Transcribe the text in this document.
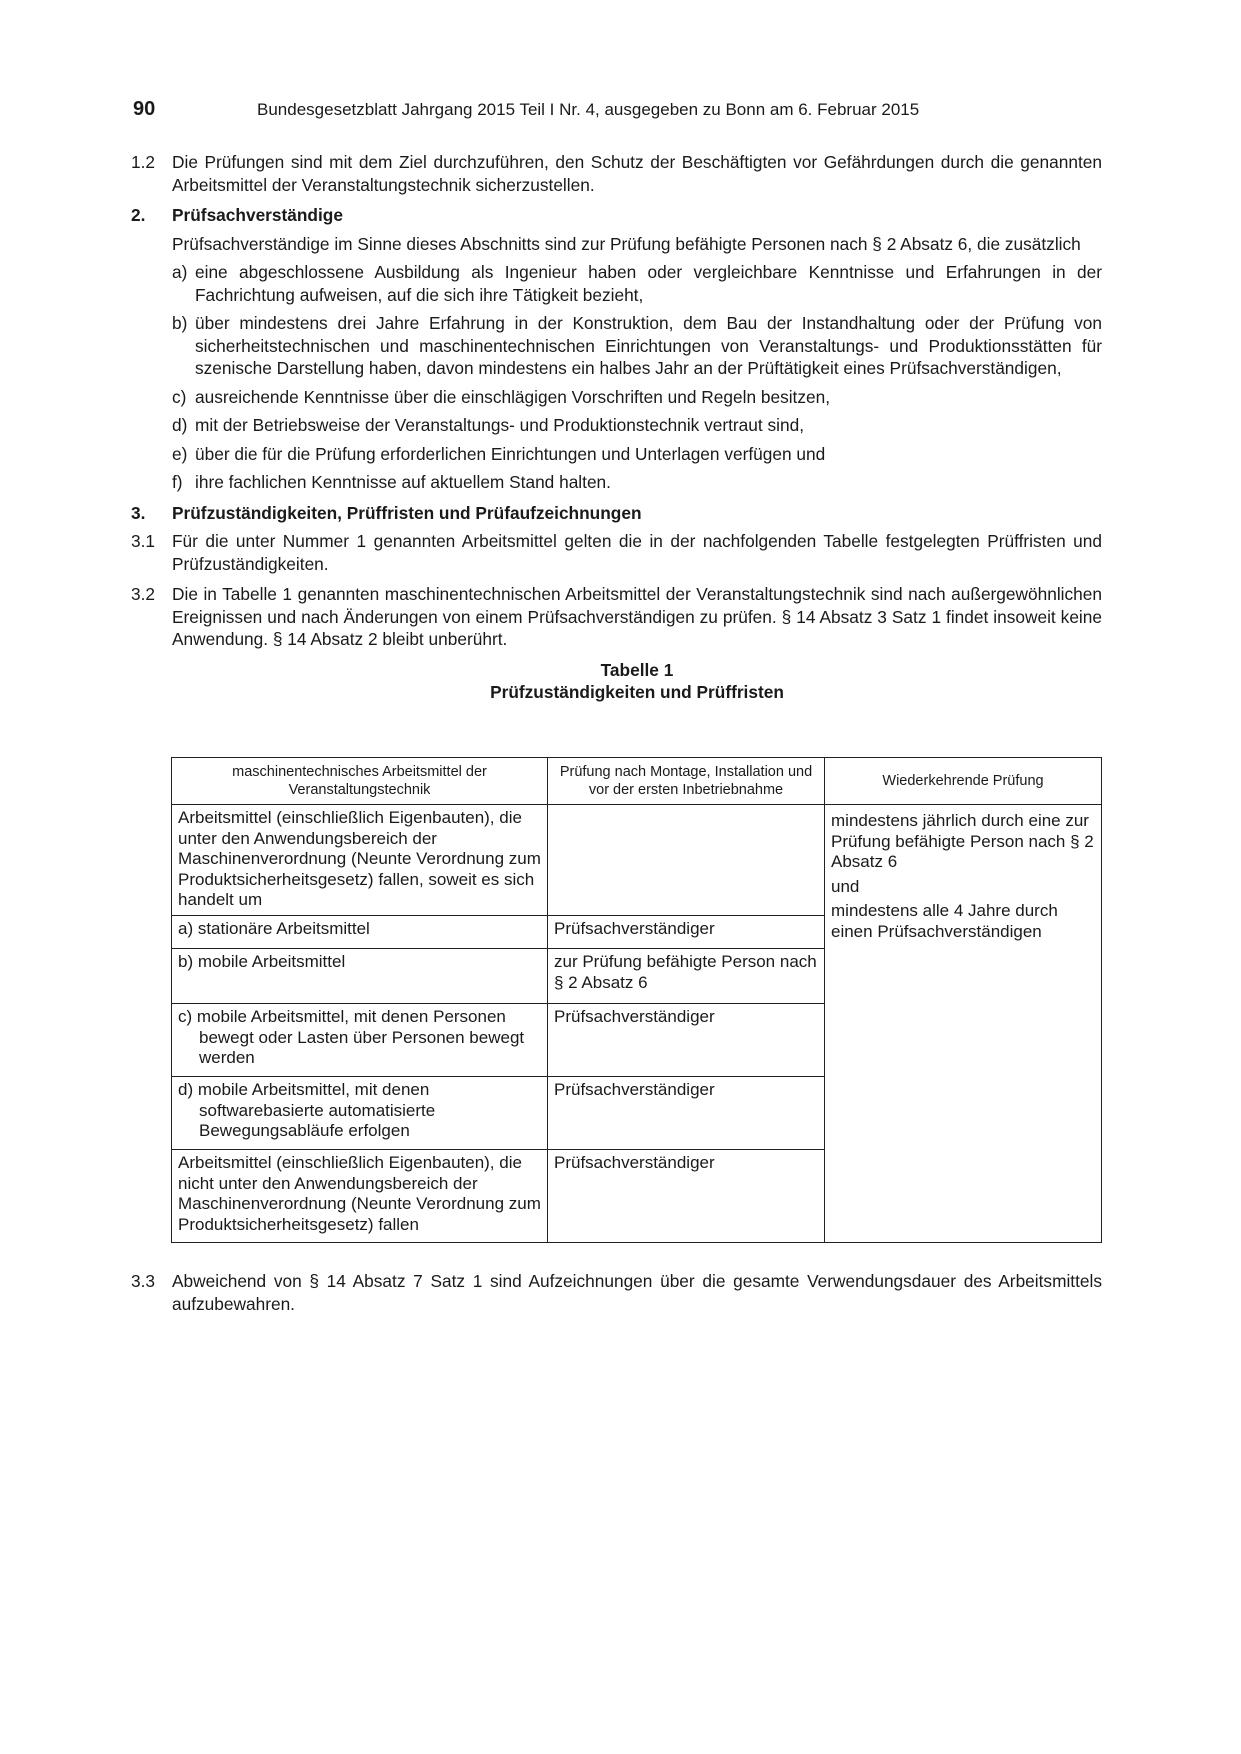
90	Bundesgesetzblatt Jahrgang 2015 Teil I Nr. 4, ausgegeben zu Bonn am 6. Februar 2015
1.2 Die Prüfungen sind mit dem Ziel durchzuführen, den Schutz der Beschäftigten vor Gefährdungen durch die genannten Arbeitsmittel der Veranstaltungstechnik sicherzustellen.
2.	Prüfsachverständige
Prüfsachverständige im Sinne dieses Abschnitts sind zur Prüfung befähigte Personen nach § 2 Absatz 6, die zusätzlich
a) eine abgeschlossene Ausbildung als Ingenieur haben oder vergleichbare Kenntnisse und Erfahrungen in der Fachrichtung aufweisen, auf die sich ihre Tätigkeit bezieht,
b) über mindestens drei Jahre Erfahrung in der Konstruktion, dem Bau der Instandhaltung oder der Prüfung von sicherheitstechnischen und maschinentechnischen Einrichtungen von Veranstaltungs- und Produktionsstätten für szenische Darstellung haben, davon mindestens ein halbes Jahr an der Prüftätigkeit eines Prüfsachverständigen,
c) ausreichende Kenntnisse über die einschlägigen Vorschriften und Regeln besitzen,
d) mit der Betriebsweise der Veranstaltungs- und Produktionstechnik vertraut sind,
e) über die für die Prüfung erforderlichen Einrichtungen und Unterlagen verfügen und
f) ihre fachlichen Kenntnisse auf aktuellem Stand halten.
3.	Prüfzuständigkeiten, Prüffristen und Prüfaufzeichnungen
3.1 Für die unter Nummer 1 genannten Arbeitsmittel gelten die in der nachfolgenden Tabelle festgelegten Prüffristen und Prüfzuständigkeiten.
3.2 Die in Tabelle 1 genannten maschinentechnischen Arbeitsmittel der Veranstaltungstechnik sind nach außergewöhnlichen Ereignissen und nach Änderungen von einem Prüfsachverständigen zu prüfen. § 14 Absatz 3 Satz 1 findet insoweit keine Anwendung. § 14 Absatz 2 bleibt unberührt.
Tabelle 1
Prüfzuständigkeiten und Prüffristen
maschinentechnisches Arbeitsmittel der Veranstaltungstechnik	Prüfung nach Montage, Installation und vor der ersten Inbetriebnahme	Wiederkehrende Prüfung
Arbeitsmittel (einschließlich Eigenbauten), die unter den Anwendungsbereich der Maschinenverordnung (Neunte Verordnung zum Produktsicherheitsgesetz) fallen, soweit es sich handelt um		mindestens jährlich durch eine zur Prüfung befähigte Person nach § 2 Absatz 6
und
mindestens alle 4 Jahre durch einen Prüfsachverständigen

a) stationäre Arbeitsmittel	Prüfsachverständiger	
b) mobile Arbeitsmittel	zur Prüfung befähigte Person nach § 2 Absatz 6	

c) mobile Arbeitsmittel, mit denen Personen bewegt oder Lasten über Personen bewegt werden	Prüfsachverständiger	

d) mobile Arbeitsmittel, mit denen softwarebasierte automatisierte Bewegungsabläufe erfolgen	Prüfsachverständiger	
Arbeitsmittel (einschließlich Eigenbauten), die nicht unter den Anwendungsbereich der Maschinenverordnung (Neunte Verordnung zum Produktsicherheitsgesetz) fallen	Prüfsachverständiger	
3.3 Abweichend von § 14 Absatz 7 Satz 1 sind Aufzeichnungen über die gesamte Verwendungsdauer des Arbeitsmittels aufzubewahren.
